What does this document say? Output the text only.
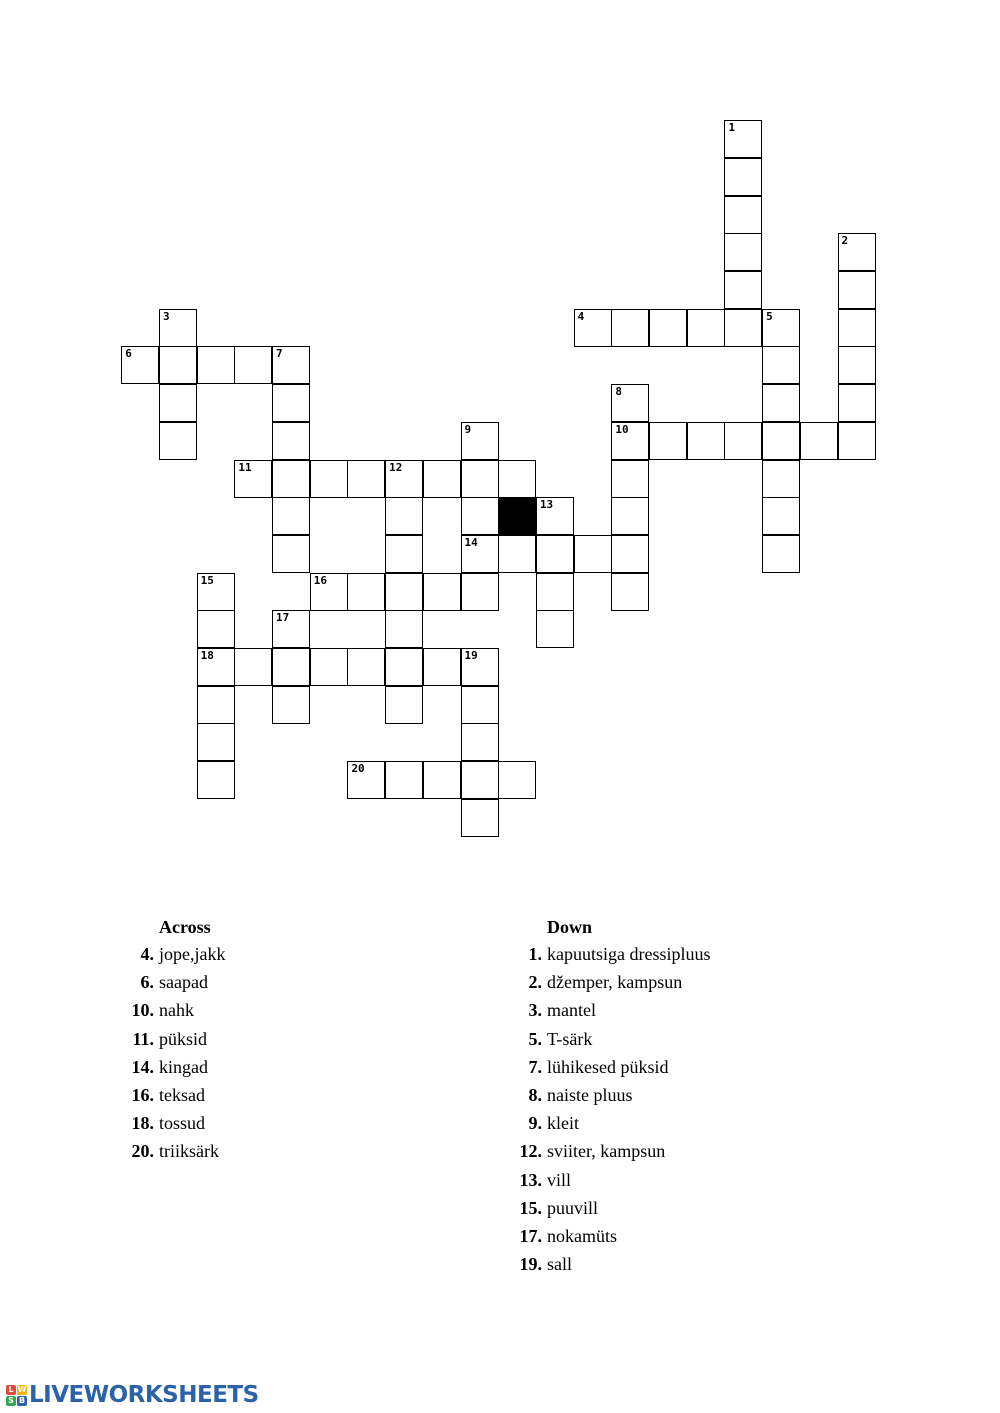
4	5
6	7
10
11	12
14
16
18	19
20
1
2
3
8
9
13
15
17
Across
4. jope,jakk
6. saapad
10. nahk
11. püksid
14. kingad
16. teksad
18. tossud
20. triiksärk
Down
1. kapuutsiga dressipluus
2. džemper, kampsun
3. mantel
5. T-särk
7. lühikesed püksid
8. naiste pluus
9. kleit
12. sviiter, kampsun
13. vill
15. puuvill
17. nokamüts
19. sall
L W
S B LIVEWORKSHEETS
